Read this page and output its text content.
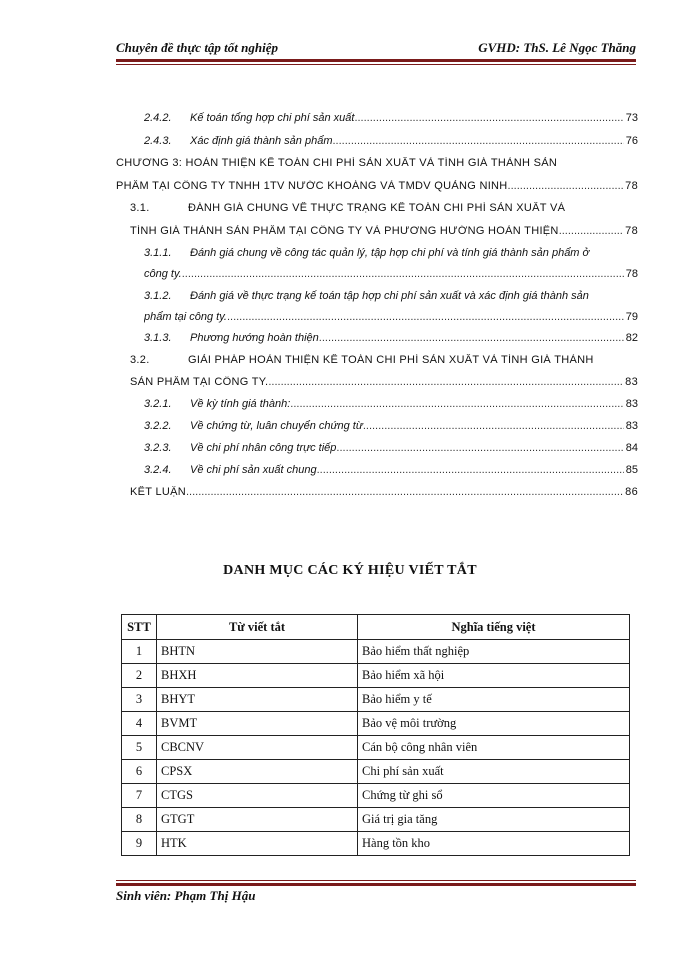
Chuyên đề thực tập tốt nghiệp	GVHD: ThS. Lê Ngọc Thăng
2.4.2.	Kế toán tổng hợp chi phí sản xuất .....	73
2.4.3.	Xác định giá thành sản phẩm .....	76
CHƯƠNG 3: HOÀN THIỆN KẾ TOÁN CHI PHÍ SẢN XUẤT VÀ TÍNH GIÁ THÀNH SẢN
PHẨM TẠI CÔNG TY TNHH 1TV NƯỚC KHOÁNG VÀ TMDV QUẢNG NINH .....	78
3.1.	ĐÁNH GIÁ CHUNG VỀ THỰC TRẠNG KẾ TOÁN CHI PHÍ SẢN XUẤT VÀ
TÍNH GIÁ THÀNH SẢN PHẨM TẠI CÔNG TY VÀ PHƯƠNG HƯỚNG HOÀN THIỆN .....	78
3.1.1. Đánh giá chung về công tác quản lý, tập hợp chi phí và tính giá thành sản phẩm ở
công ty. .....	78
3.1.2. Đánh giá về thực trạng kế toán tập hợp chi phí sản xuất và xác định giá thành sản
phẩm tại công ty. .....	79
3.1.3.	Phương hướng hoàn thiện .....	82
3.2.	GIẢI PHÁP HOÀN THIỆN KẾ TOÁN CHI PHÍ SẢN XUẤT VÀ TÍNH GIÁ THÀNH
SẢN PHẨM TẠI CÔNG TY. .....	83
3.2.1.	Về kỳ tính giá thành: .....	83
3.2.2.	Về chứng từ, luân chuyển chứng từ .....	83
3.2.3.	Về chi phí nhân công trực tiếp .....	84
3.2.4.	Về chi phí sản xuất chung .....	85
KẾT LUẬN .....	86
DANH MỤC CÁC KÝ HIỆU VIẾT TẮT
STT	Từ viết tắt	Nghĩa tiếng việt
1	BHTN	Bảo hiểm thất nghiệp
2	BHXH	Bảo hiểm xã hội
3	BHYT	Bảo hiểm y tế
4	BVMT	Bảo vệ môi trường
5	CBCNV	Cán bộ công nhân viên
6	CPSX	Chi phí sản xuất
7	CTGS	Chứng từ ghi sổ
8	GTGT	Giá trị gia tăng
9	HTK	Hàng tồn kho
Sinh viên: Phạm Thị Hậu
